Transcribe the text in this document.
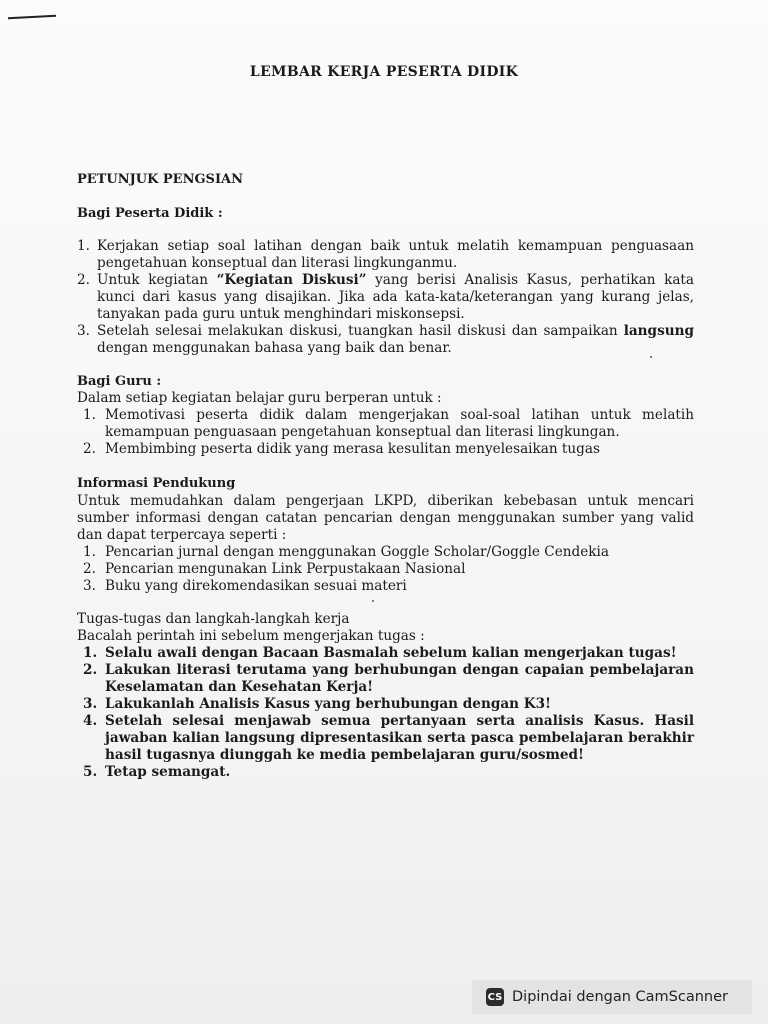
LEMBAR KERJA PESERTA DIDIK
PETUNJUK PENGSIAN
Bagi Peserta Didik :
1. Kerjakan setiap soal latihan dengan baik untuk melatih kemampuan penguasaan pengetahuan konseptual dan literasi lingkunganmu.
2. Untuk kegiatan “Kegiatan Diskusi” yang berisi Analisis Kasus, perhatikan kata kunci dari kasus yang disajikan. Jika ada kata-kata/keterangan yang kurang jelas, tanyakan pada guru untuk menghindari miskonsepsi.
3. Setelah selesai melakukan diskusi, tuangkan hasil diskusi dan sampaikan langsung dengan menggunakan bahasa yang baik dan benar.
Bagi Guru :
Dalam setiap kegiatan belajar guru berperan untuk :
1. Memotivasi peserta didik dalam mengerjakan soal-soal latihan untuk melatih kemampuan penguasaan pengetahuan konseptual dan literasi lingkungan.
2. Membimbing peserta didik yang merasa kesulitan menyelesaikan tugas
Informasi Pendukung
Untuk memudahkan dalam pengerjaan LKPD, diberikan kebebasan untuk mencari sumber informasi dengan catatan pencarian dengan menggunakan sumber yang valid dan dapat terpercaya seperti :
1. Pencarian jurnal dengan menggunakan Goggle Scholar/Goggle Cendekia
2. Pencarian mengunakan Link Perpustakaan Nasional
3. Buku yang direkomendasikan sesuai materi
Tugas-tugas dan langkah-langkah kerja
Bacalah perintah ini sebelum mengerjakan tugas :
1. Selalu awali dengan Bacaan Basmalah sebelum kalian mengerjakan tugas!
2. Lakukan literasi terutama yang berhubungan dengan capaian pembelajaran Keselamatan dan Kesehatan Kerja!
3. Lakukanlah Analisis Kasus yang berhubungan dengan K3!
4. Setelah selesai menjawab semua pertanyaan serta analisis Kasus. Hasil jawaban kalian langsung dipresentasikan serta pasca pembelajaran berakhir hasil tugasnya diunggah ke media pembelajaran guru/sosmed!
5. Tetap semangat.
CS Dipindai dengan CamScanner
